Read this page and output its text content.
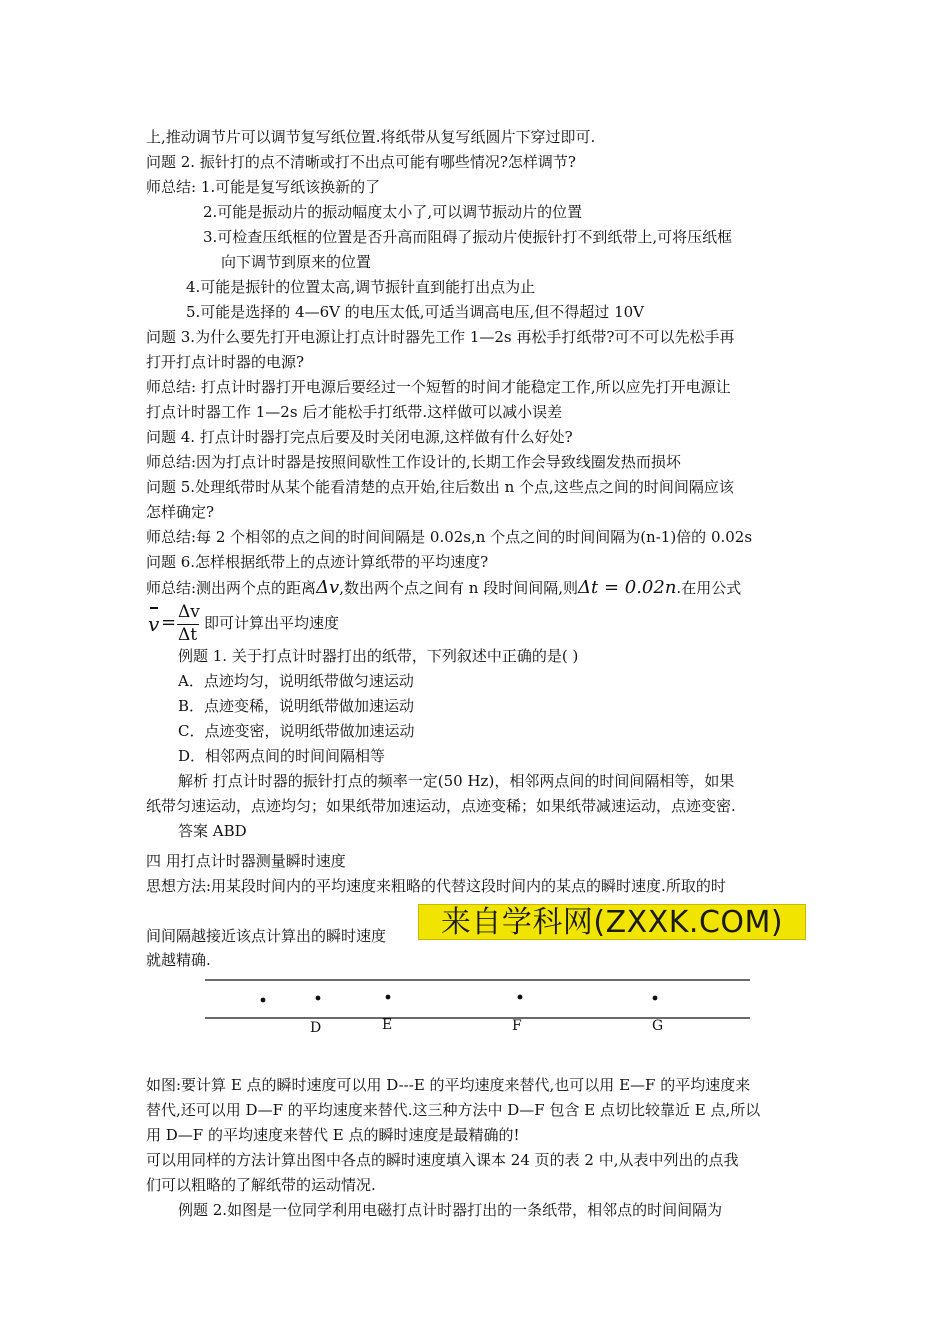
上,推动调节片可以调节复写纸位置.将纸带从复写纸圆片下穿过即可.

问题 2. 振针打的点不清晰或打不出点可能有哪些情况?怎样调节?

师总结: 1.可能是复写纸该换新的了

2.可能是振动片的振动幅度太小了,可以调节振动片的位置

3.可检查压纸框的位置是否升高而阻碍了振动片使振针打不到纸带上,可将压纸框

向下调节到原来的位置

4.可能是振针的位置太高,调节振针直到能打出点为止

5.可能是选择的 4—6V 的电压太低,可适当调高电压,但不得超过 10V

问题 3.为什么要先打开电源让打点计时器先工作 1—2s 再松手打纸带?可不可以先松手再

打开打点计时器的电源?

师总结: 打点计时器打开电源后要经过一个短暂的时间才能稳定工作,所以应先打开电源让

打点计时器工作 1—2s 后才能松手打纸带.这样做可以减小误差

问题 4. 打点计时器打完点后要及时关闭电源,这样做有什么好处?

师总结:因为打点计时器是按照间歇性工作设计的,长期工作会导致线圈发热而损坏

问题 5.处理纸带时从某个能看清楚的点开始,往后数出 n 个点,这些点之间的时间间隔应该

怎样确定?

师总结:每 2 个相邻的点之间的时间间隔是 0.02s,n 个点之间的时间间隔为(n-1)倍的 0.02s

问题 6.怎样根据纸带上的点迹计算纸带的平均速度?

师总结:测出两个点的距离Δv,数出两个点之间有 n 段时间间隔,则Δt = 0.02n.在用公式

v = Δv
Δt

即可计算出平均速度

例题 1. 关于打点计时器打出的纸带，下列叙述中正确的是( )

A．点迹均匀，说明纸带做匀速运动

B．点迹变稀，说明纸带做加速运动

C．点迹变密，说明纸带做加速运动

D．相邻两点间的时间间隔相等

解析 打点计时器的振针打点的频率一定(50 Hz)，相邻两点间的时间间隔相等，如果

纸带匀速运动，点迹均匀；如果纸带加速运动，点迹变稀；如果纸带减速运动，点迹变密.

答案 ABD

四 用打点计时器测量瞬时速度

思想方法:用某段时间内的平均速度来粗略的代替这段时间内的某点的瞬时速度.所取的时

间间隔越接近该点计算出的瞬时速度	来自学科网(ZXXK.COM)

就越精确.

D	E	F	G

如图:要计算 E 点的瞬时速度可以用 D---E 的平均速度来替代,也可以用 E—F 的平均速度来

替代,还可以用 D—F 的平均速度来替代.这三种方法中 D—F 包含 E 点切比较靠近 E 点,所以

用 D—F 的平均速度来替代 E 点的瞬时速度是最精确的!

可以用同样的方法计算出图中各点的瞬时速度填入课本 24 页的表 2 中,从表中列出的点我

们可以粗略的了解纸带的运动情况.

例题 2.如图是一位同学利用电磁打点计时器打出的一条纸带，相邻点的时间间隔为
